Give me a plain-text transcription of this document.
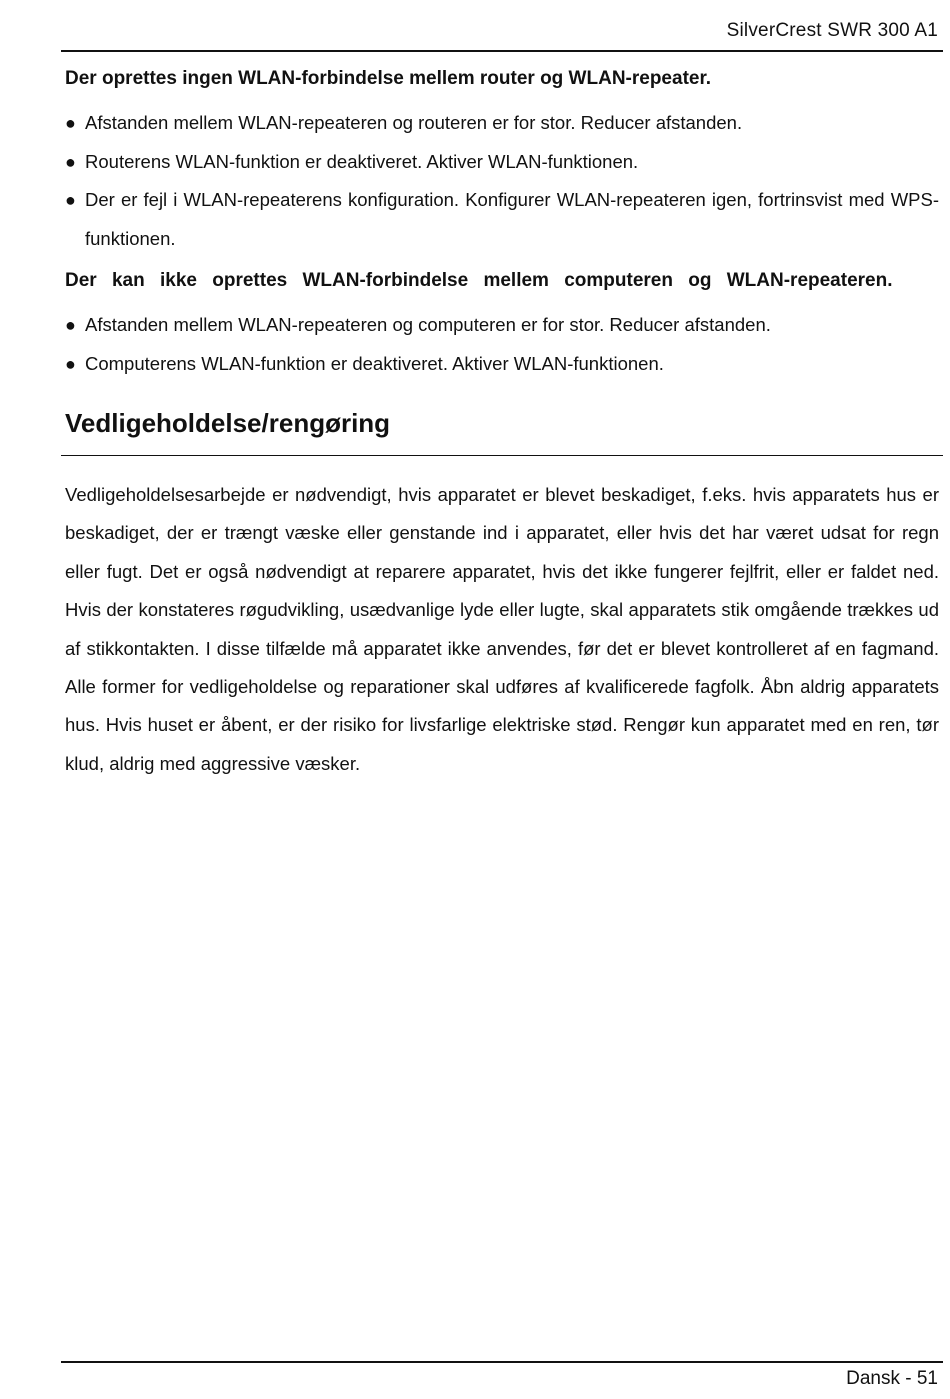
SilverCrest SWR 300 A1

Der oprettes ingen WLAN-forbindelse mellem router og WLAN-repeater.

● Afstanden mellem WLAN-repeateren og routeren er for stor. Reducer afstanden.
● Routerens WLAN-funktion er deaktiveret. Aktiver WLAN-funktionen.
● Der er fejl i WLAN-repeaterens konfiguration. Konfigurer WLAN-repeateren igen, fortrinsvist med WPS-funktionen.

Der kan ikke oprettes WLAN-forbindelse mellem computeren og WLAN-repeateren.

● Afstanden mellem WLAN-repeateren og computeren er for stor. Reducer afstanden.
● Computerens WLAN-funktion er deaktiveret. Aktiver WLAN-funktionen.
Vedligeholdelse/rengøring

Vedligeholdelsesarbejde er nødvendigt, hvis apparatet er blevet beskadiget, f.eks. hvis apparatets hus er beskadiget, der er trængt væske eller genstande ind i apparatet, eller hvis det har været udsat for regn eller fugt. Det er også nødvendigt at reparere apparatet, hvis det ikke fungerer fejlfrit, eller er faldet ned. Hvis der konstateres røgudvikling, usædvanlige lyde eller lugte, skal apparatets stik omgående trækkes ud af stikkontakten. I disse tilfælde må apparatet ikke anvendes, før det er blevet kontrolleret af en fagmand. Alle former for vedligeholdelse og reparationer skal udføres af kvalificerede fagfolk. Åbn aldrig apparatets hus. Hvis huset er åbent, er der risiko for livsfarlige elektriske stød. Rengør kun apparatet med en ren, tør klud, aldrig med aggressive væsker.

Dansk - 51
